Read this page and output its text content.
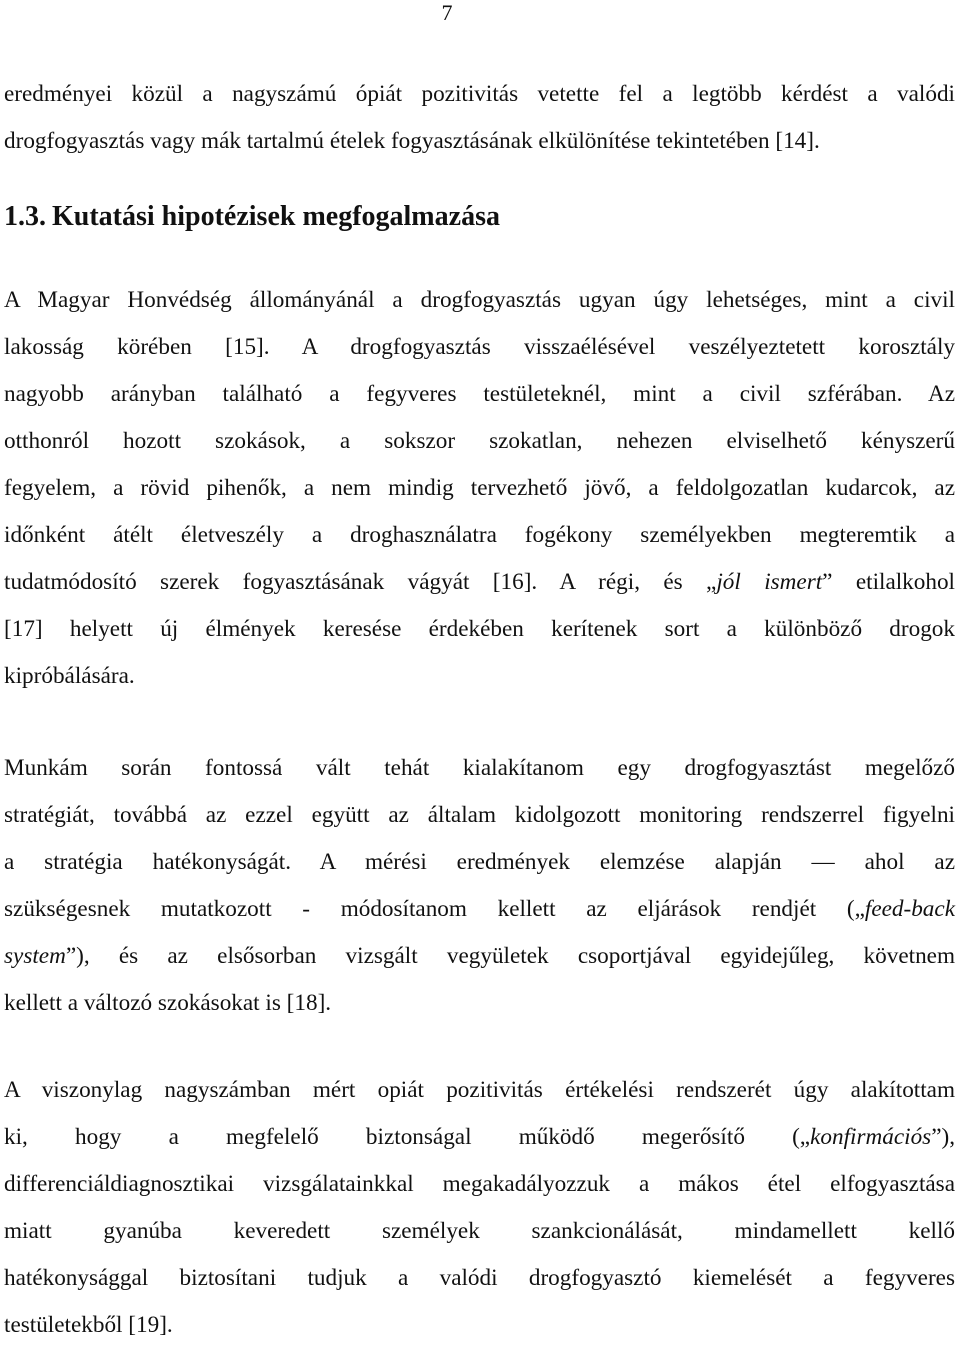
7
eredményei közül a nagyszámú ópiát pozitivitás vetette fel a legtöbb kérdést a valódi
drogfogyasztás vagy mák tartalmú ételek fogyasztásának elkülönítése tekintetében [14].
1.3. Kutatási hipotézisek megfogalmazása
A Magyar Honvédség állományánál a drogfogyasztás ugyan úgy lehetséges, mint a civil
lakosság körében [15]. A drogfogyasztás visszaélésével veszélyeztetett korosztály
nagyobb arányban található a fegyveres testületeknél, mint a civil szférában. Az
otthonról hozott szokások, a sokszor szokatlan, nehezen elviselhető kényszerű
fegyelem, a rövid pihenők, a nem mindig tervezhető jövő, a feldolgozatlan kudarcok, az
időnként átélt életveszély a droghasználatra fogékony személyekben megteremtik a
tudatmódosító szerek fogyasztásának vágyát [16]. A régi, és „jól ismert” etilalkohol
[17] helyett új élmények keresése érdekében kerítenek sort a különböző drogok
kipróbálására.
Munkám során fontossá vált tehát kialakítanom egy drogfogyasztást megelőző
stratégiát, továbbá az ezzel együtt az általam kidolgozott monitoring rendszerrel figyelni
a stratégia hatékonyságát. A mérési eredmények elemzése alapján — ahol az
szükségesnek mutatkozott - módosítanom kellett az eljárások rendjét („feed-back
system”), és az elsősorban vizsgált vegyületek csoportjával egyidejűleg, követnem
kellett a változó szokásokat is [18].
A viszonylag nagyszámban mért opiát pozitivitás értékelési rendszerét úgy alakítottam
ki, hogy a megfelelő biztonságal működő megerősítő („konfirmációs”),
differenciáldiagnosztikai vizsgálatainkkal megakadályozzuk a mákos étel elfogyasztása
miatt gyanúba keveredett személyek szankcionálását, mindamellett kellő
hatékonysággal biztosítani tudjuk a valódi drogfogyasztó kiemelését a fegyveres
testületekből [19].
